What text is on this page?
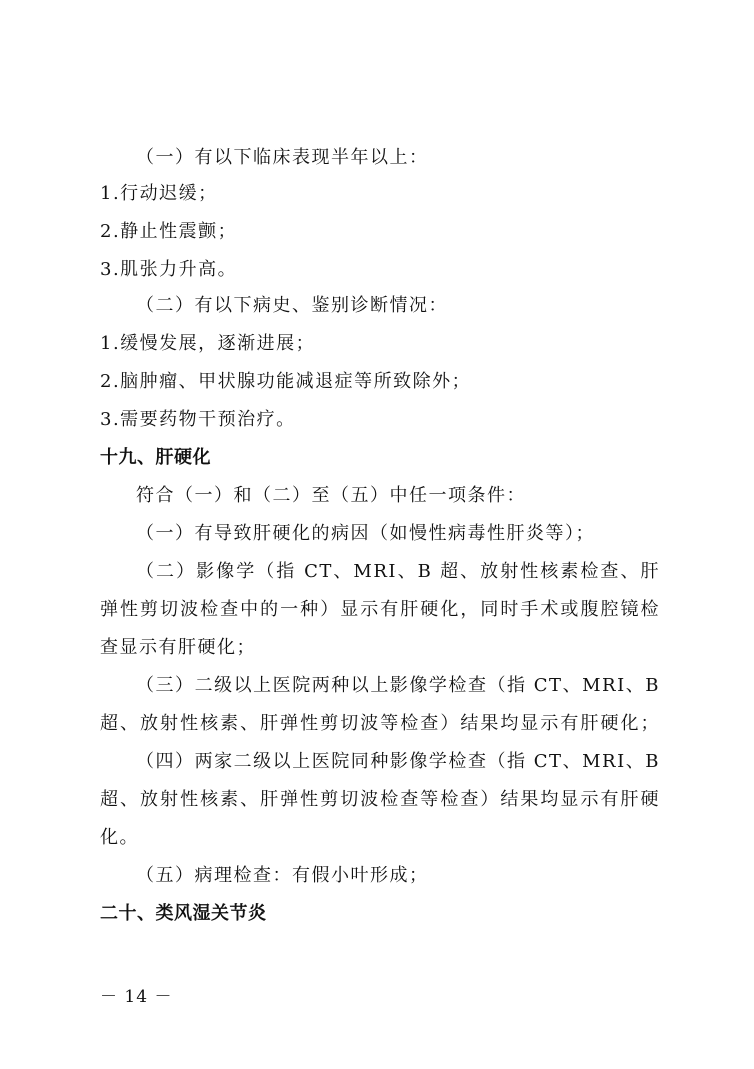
（一）有以下临床表现半年以上：
1.行动迟缓；
2.静止性震颤；
3.肌张力升高。
（二）有以下病史、鉴别诊断情况：
1.缓慢发展，逐渐进展；
2.脑肿瘤、甲状腺功能减退症等所致除外；
3.需要药物干预治疗。
十九、肝硬化
符合（一）和（二）至（五）中任一项条件：
（一）有导致肝硬化的病因（如慢性病毒性肝炎等）；
（二）影像学（指 CT、MRI、B 超、放射性核素检查、肝
弹性剪切波检查中的一种）显示有肝硬化，同时手术或腹腔镜检
查显示有肝硬化；
（三）二级以上医院两种以上影像学检查（指 CT、MRI、B
超、放射性核素、肝弹性剪切波等检查）结果均显示有肝硬化；
（四）两家二级以上医院同种影像学检查（指 CT、MRI、B
超、放射性核素、肝弹性剪切波检查等检查）结果均显示有肝硬
化。
（五）病理检查：有假小叶形成；
二十、类风湿关节炎
－ 14 －
